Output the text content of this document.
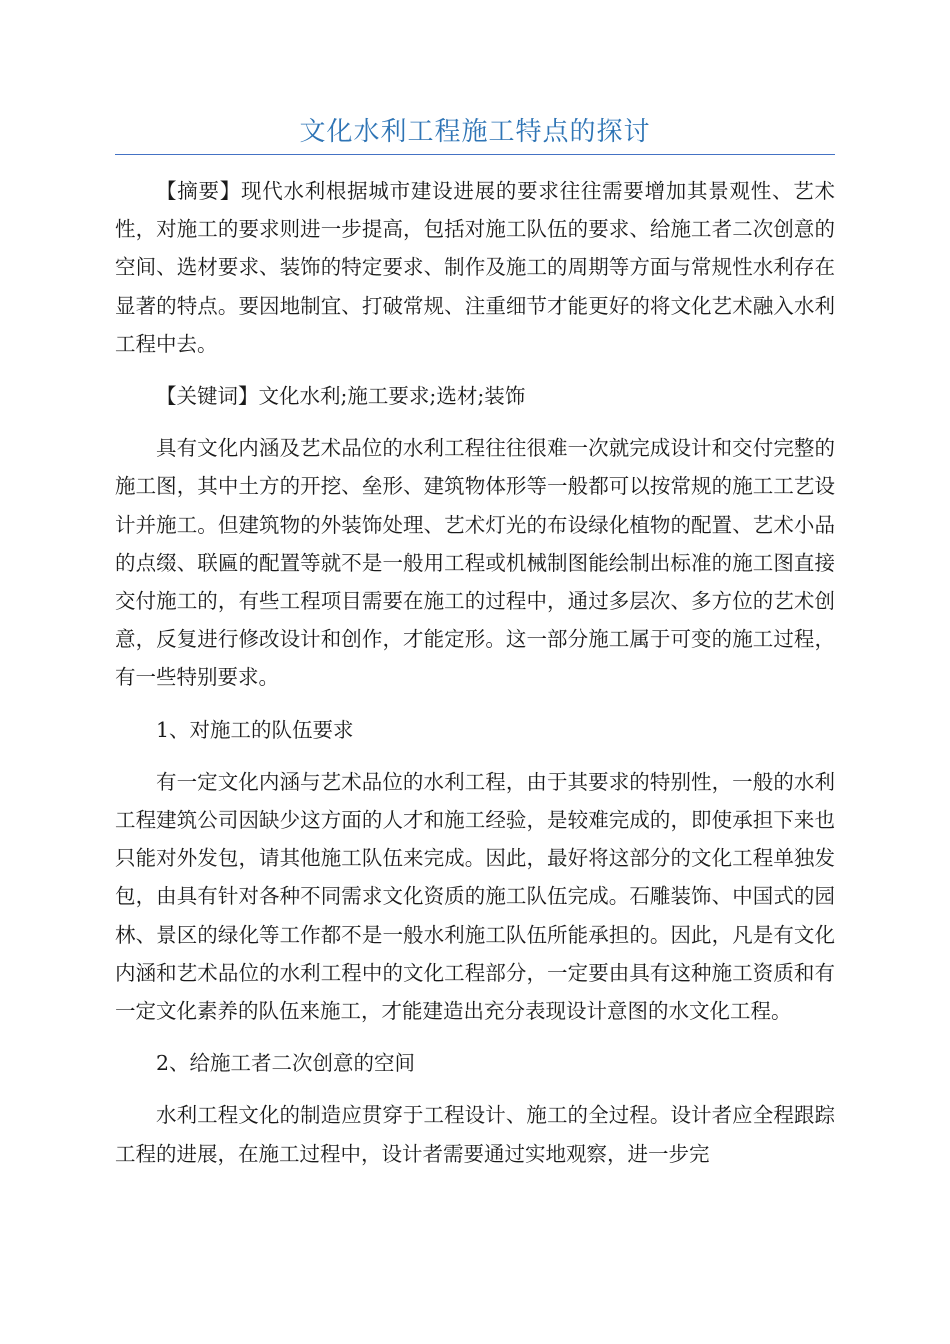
文化水利工程施工特点的探讨

【摘要】现代水利根据城市建设进展的要求往往需要增加其景观性、艺术性，对施工的要求则进一步提高，包括对施工队伍的要求、给施工者二次创意的空间、选材要求、装饰的特定要求、制作及施工的周期等方面与常规性水利存在显著的特点。要因地制宜、打破常规、注重细节才能更好的将文化艺术融入水利工程中去。

【关键词】文化水利;施工要求;选材;装饰

具有文化内涵及艺术品位的水利工程往往很难一次就完成设计和交付完整的施工图，其中土方的开挖、垒形、建筑物体形等一般都可以按常规的施工工艺设计并施工。但建筑物的外装饰处理、艺术灯光的布设绿化植物的配置、艺术小品的点缀、联匾的配置等就不是一般用工程或机械制图能绘制出标准的施工图直接交付施工的，有些工程项目需要在施工的过程中，通过多层次、多方位的艺术创意，反复进行修改设计和创作，才能定形。这一部分施工属于可变的施工过程，有一些特别要求。

1、对施工的队伍要求

有一定文化内涵与艺术品位的水利工程，由于其要求的特别性，一般的水利工程建筑公司因缺少这方面的人才和施工经验，是较难完成的，即使承担下来也只能对外发包，请其他施工队伍来完成。因此，最好将这部分的文化工程单独发包，由具有针对各种不同需求文化资质的施工队伍完成。石雕装饰、中国式的园林、景区的绿化等工作都不是一般水利施工队伍所能承担的。因此，凡是有文化内涵和艺术品位的水利工程中的文化工程部分，一定要由具有这种施工资质和有一定文化素养的队伍来施工，才能建造出充分表现设计意图的水文化工程。

2、给施工者二次创意的空间

水利工程文化的制造应贯穿于工程设计、施工的全过程。设计者应全程跟踪工程的进展，在施工过程中，设计者需要通过实地观察，进一步完
